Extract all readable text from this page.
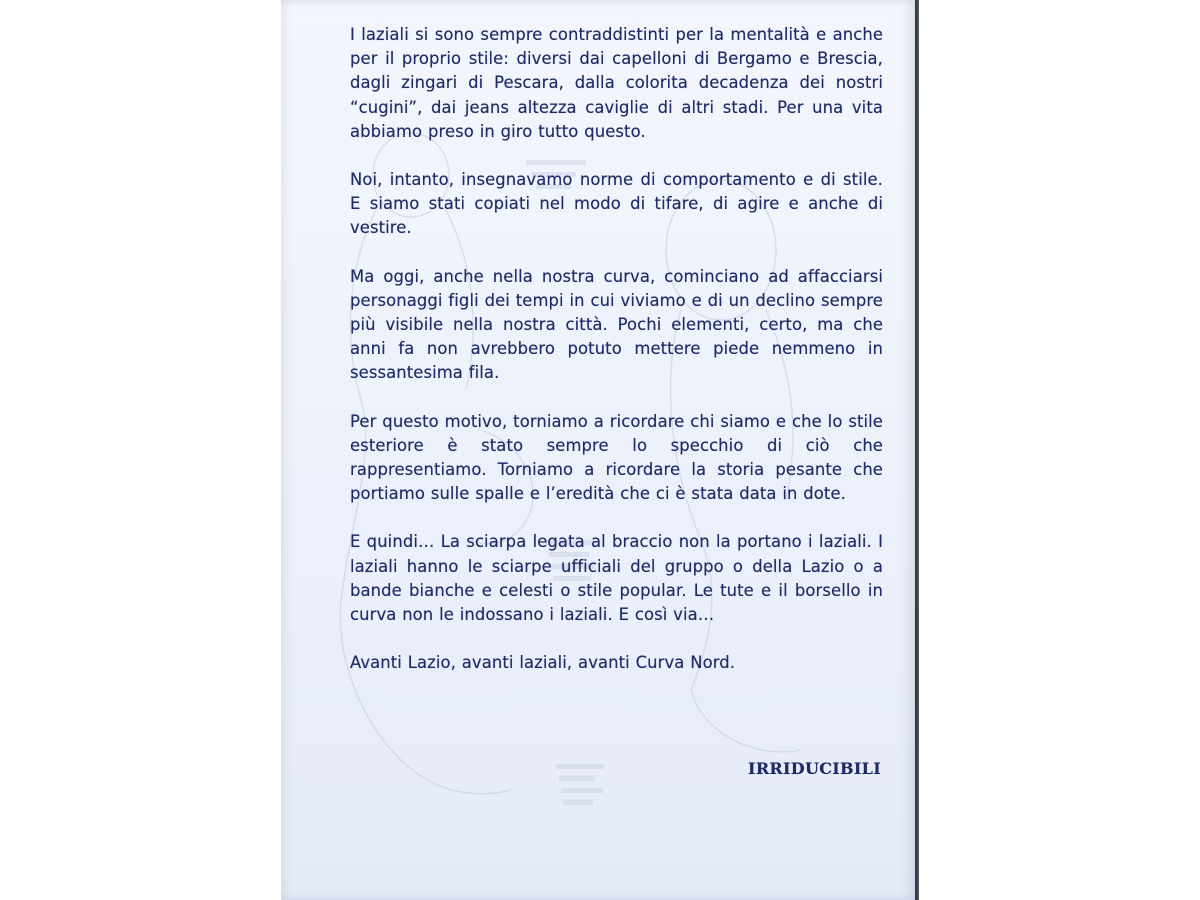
I laziali si sono sempre contraddistinti per la mentalità e anche per il proprio stile: diversi dai capelloni di Bergamo e Brescia, dagli zingari di Pescara, dalla colorita decadenza dei nostri “cugini”, dai jeans altezza caviglie di altri stadi. Per una vita abbiamo preso in giro tutto questo.

Noi, intanto, insegnavamo norme di comportamento e di stile. E siamo stati copiati nel modo di tifare, di agire e anche di vestire.

Ma oggi, anche nella nostra curva, cominciano ad affacciarsi personaggi figli dei tempi in cui viviamo e di un declino sempre più visibile nella nostra città. Pochi elementi, certo, ma che anni fa non avrebbero potuto mettere piede nemmeno in sessantesima fila.

Per questo motivo, torniamo a ricordare chi siamo e che lo stile esteriore è stato sempre lo specchio di ciò che rappresentiamo. Torniamo a ricordare la storia pesante che portiamo sulle spalle e l’eredità che ci è stata data in dote.

E quindi… La sciarpa legata al braccio non la portano i laziali. I laziali hanno le sciarpe ufficiali del gruppo o della Lazio o a bande bianche e celesti o stile popular. Le tute e il borsello in curva non le indossano i laziali. E così via…

Avanti Lazio, avanti laziali, avanti Curva Nord.

IRRIDUCIBILI
